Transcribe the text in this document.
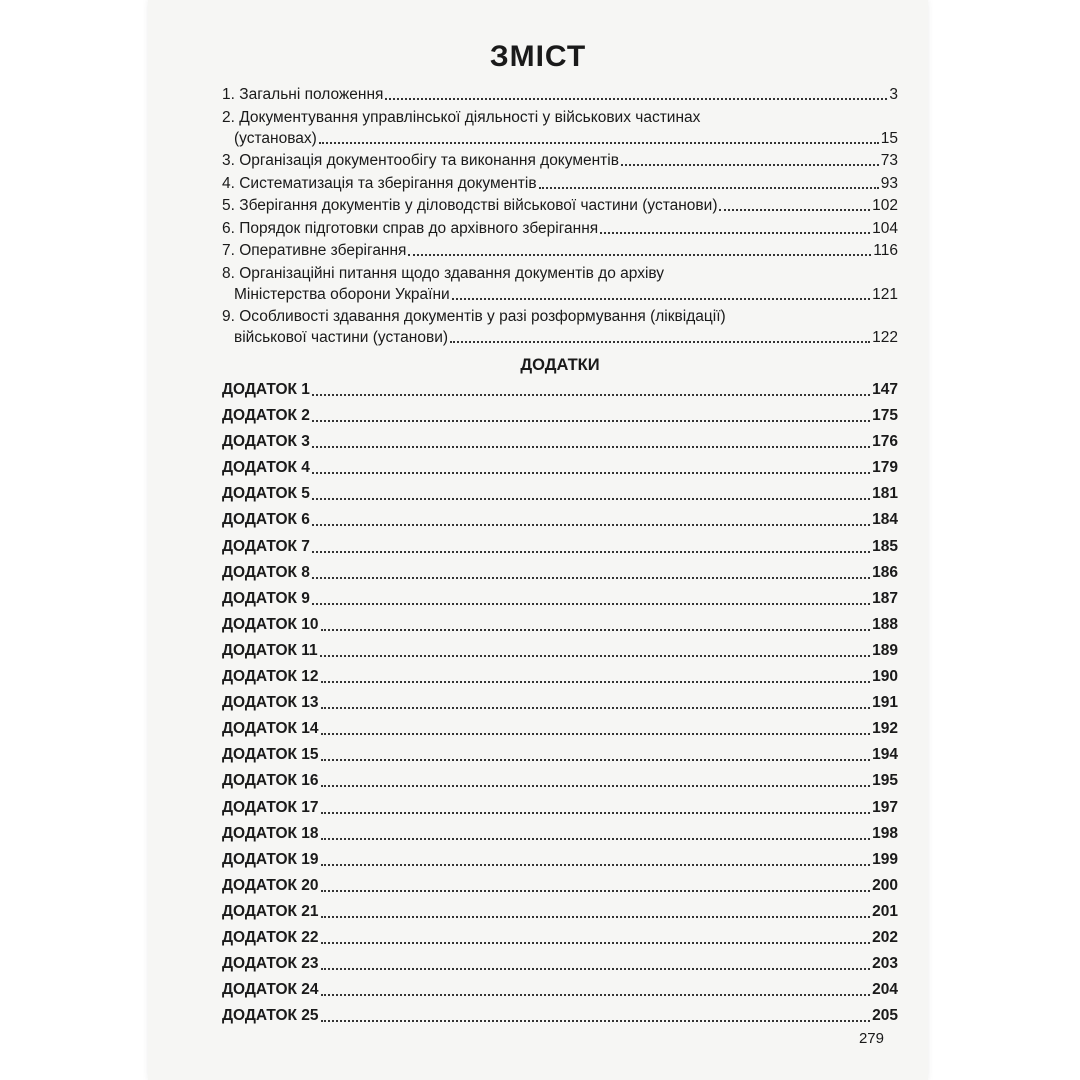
ЗМІСТ
1. Загальні положення	3
2. Документування управлінської діяльності у військових частинах
(установах)	15
3. Організація документообігу та виконання документів	73
4. Систематизація та зберігання документів	93
5. Зберігання документів у діловодстві військової частини (установи)	102
6. Порядок підготовки справ до архівного зберігання	104
7. Оперативне зберігання	116
8. Організаційні питання щодо здавання документів до архіву
Міністерства оборони України	121
9. Особливості здавання документів у разі розформування (ліквідації)
військової частини (установи)	122
ДОДАТКИ
ДОДАТОК 1	147
ДОДАТОК 2	175
ДОДАТОК 3	176
ДОДАТОК 4	179
ДОДАТОК 5	181
ДОДАТОК 6	184
ДОДАТОК 7	185
ДОДАТОК 8	186
ДОДАТОК 9	187
ДОДАТОК 10	188
ДОДАТОК 11	189
ДОДАТОК 12	190
ДОДАТОК 13	191
ДОДАТОК 14	192
ДОДАТОК 15	194
ДОДАТОК 16	195
ДОДАТОК 17	197
ДОДАТОК 18	198
ДОДАТОК 19	199
ДОДАТОК 20	200
ДОДАТОК 21	201
ДОДАТОК 22	202
ДОДАТОК 23	203
ДОДАТОК 24	204
ДОДАТОК 25	205
279
